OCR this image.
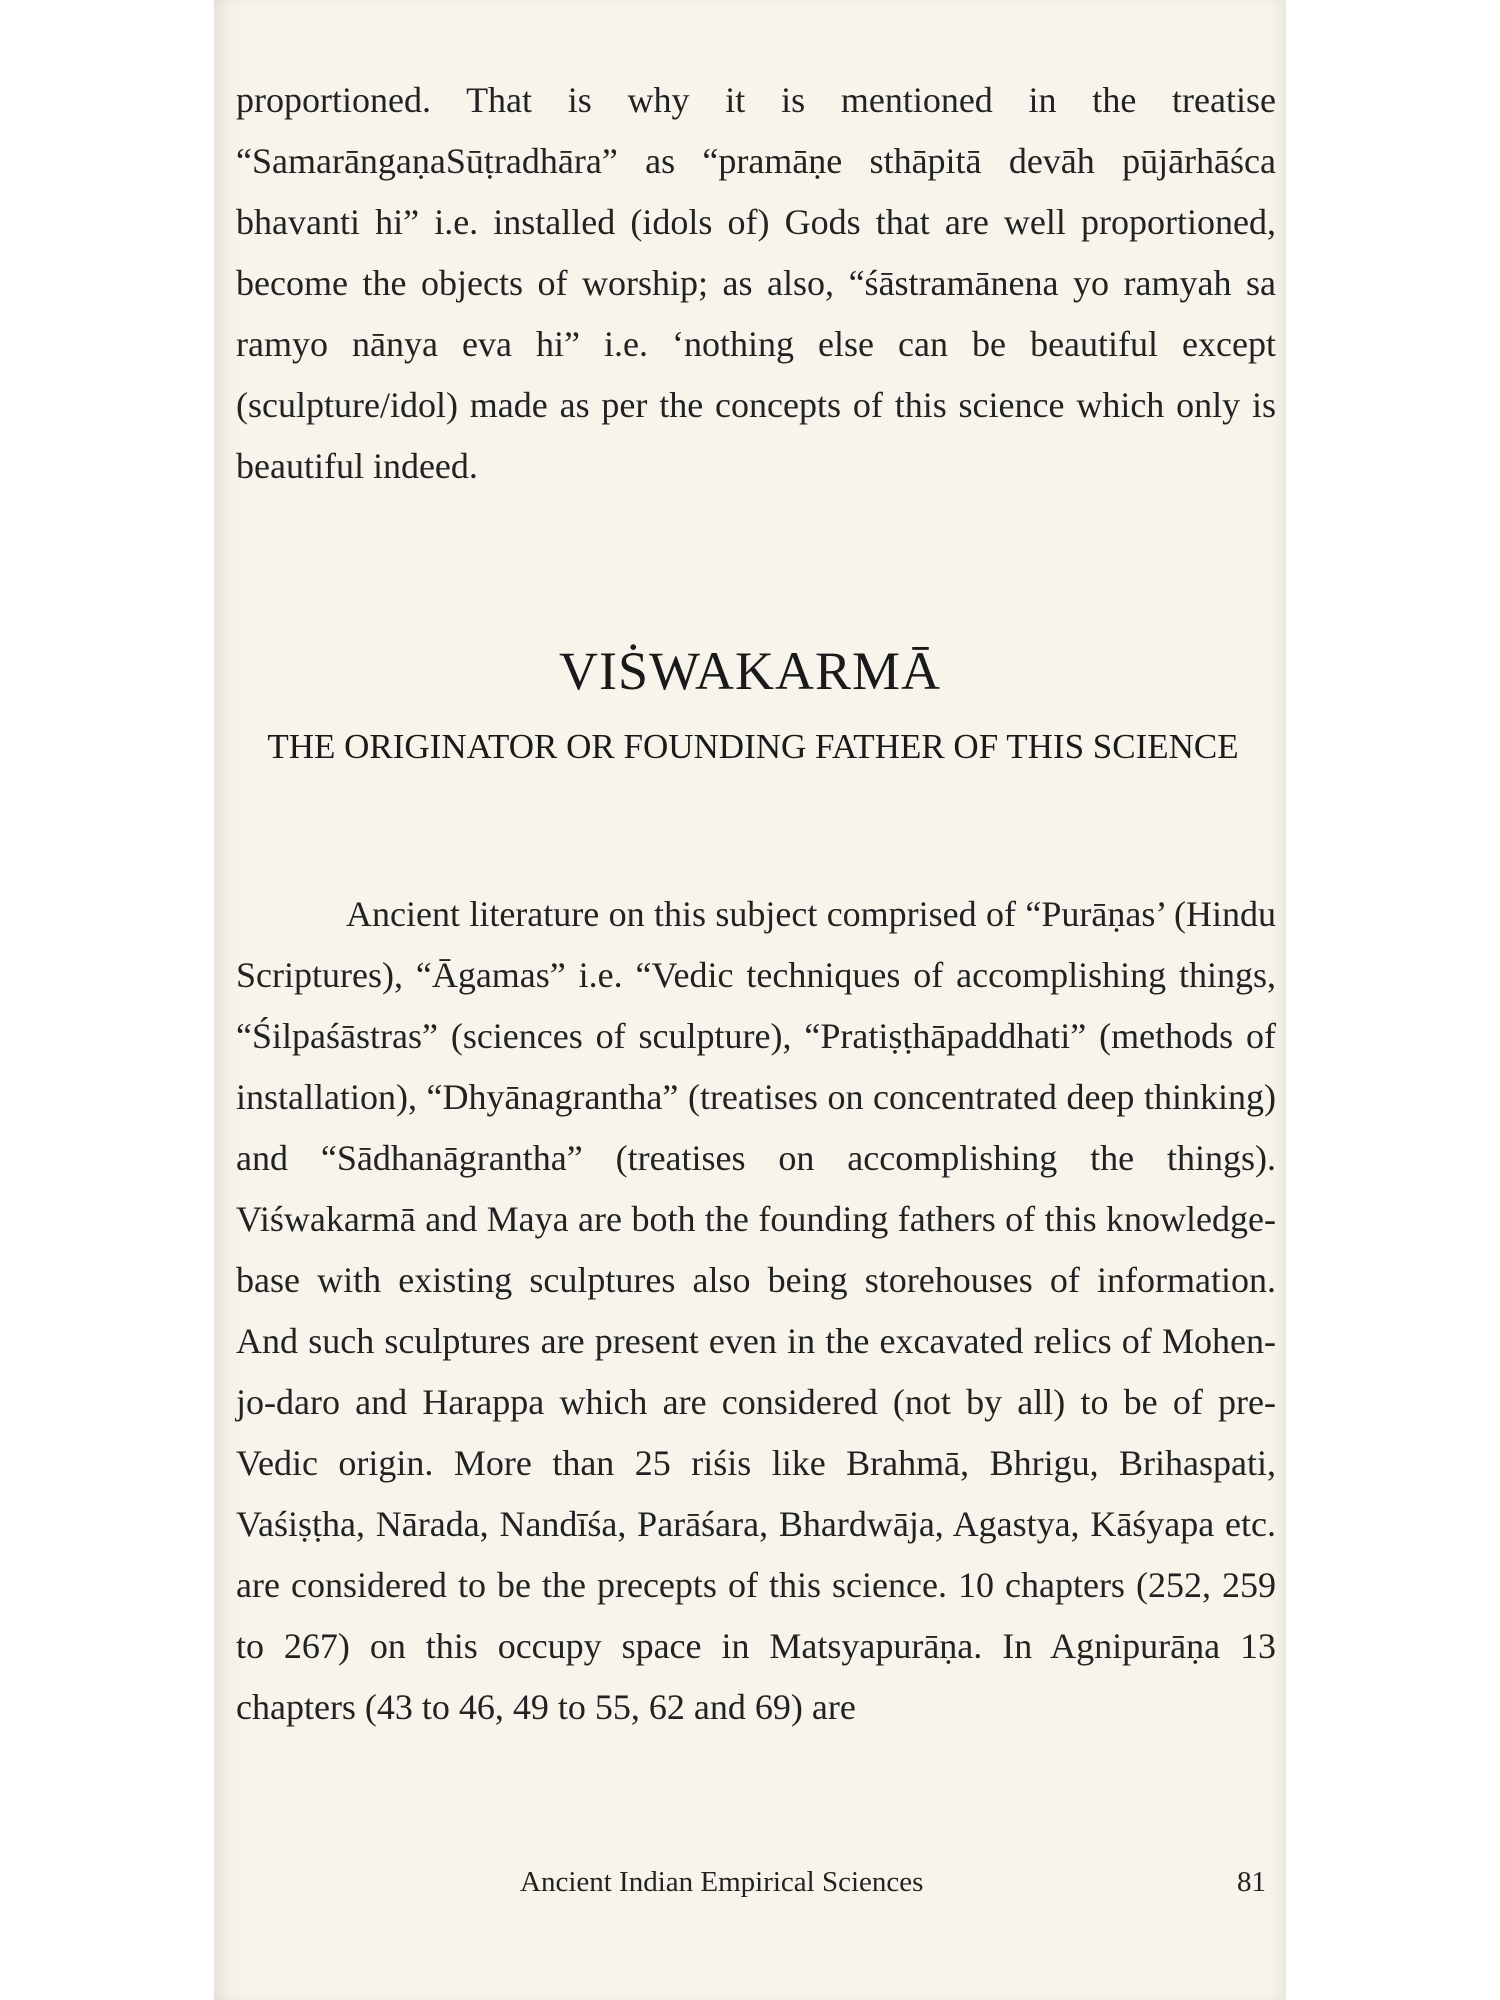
proportioned. That is why it is mentioned in the treatise “SamarāngaṇaSūṭradhāra” as “pramāṇe sthāpitā devāh pūjārhāśca bhavanti hi” i.e. installed (idols of) Gods that are well proportioned, become the objects of worship; as also, “śāstramānena yo ramyah sa ramyo nānya eva hi” i.e. ‘nothing else can be beautiful except (sculpture/idol) made as per the concepts of this science which only is beautiful indeed.

VIṠWAKARMĀ
THE ORIGINATOR OR FOUNDING FATHER OF THIS SCIENCE

Ancient literature on this subject comprised of “Purāṇas’ (Hindu Scriptures), “Āgamas” i.e. “Vedic techniques of accomplishing things, “Śilpaśāstras” (sciences of sculpture), “Pratiṣṭhāpaddhati” (methods of installation), “Dhyānagrantha” (treatises on concentrated deep thinking) and “Sādhanāgrantha” (treatises on accomplishing the things). Viśwakarmā and Maya are both the founding fathers of this knowledge-base with existing sculptures also being storehouses of information. And such sculptures are present even in the excavated relics of Mohen-jo-daro and Harappa which are considered (not by all) to be of pre-Vedic origin. More than 25 riśis like Brahmā, Bhrigu, Brihaspati, Vaśiṣṭha, Nārada, Nandīśa, Parāśara, Bhardwāja, Agastya, Kāśyapa etc. are considered to be the precepts of this science. 10 chapters (252, 259 to 267) on this occupy space in Matsyapurāṇa. In Agnipurāṇa 13 chapters (43 to 46, 49 to 55, 62 and 69) are

Ancient Indian Empirical Sciences	81
